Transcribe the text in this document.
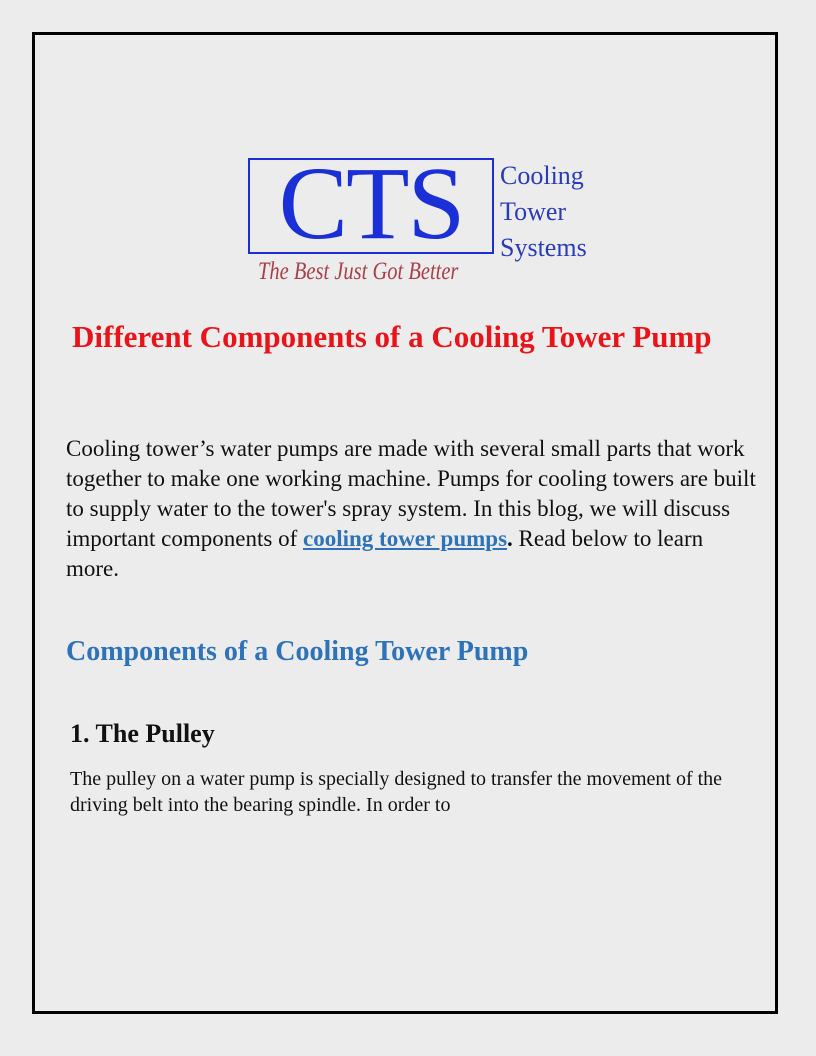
CTS	Cooling
Tower
Systems
The Best Just Got Better
Different Components of a Cooling Tower Pump

Cooling tower’s water pumps are made with several small parts that work together to make one working machine. Pumps for cooling towers are built to supply water to the tower's spray system. In this blog, we will discuss important components of cooling tower pumps. Read below to learn more.

Components of a Cooling Tower Pump
1. The Pulley

The pulley on a water pump is specially designed to transfer the movement of the driving belt into the bearing spindle. In order to
